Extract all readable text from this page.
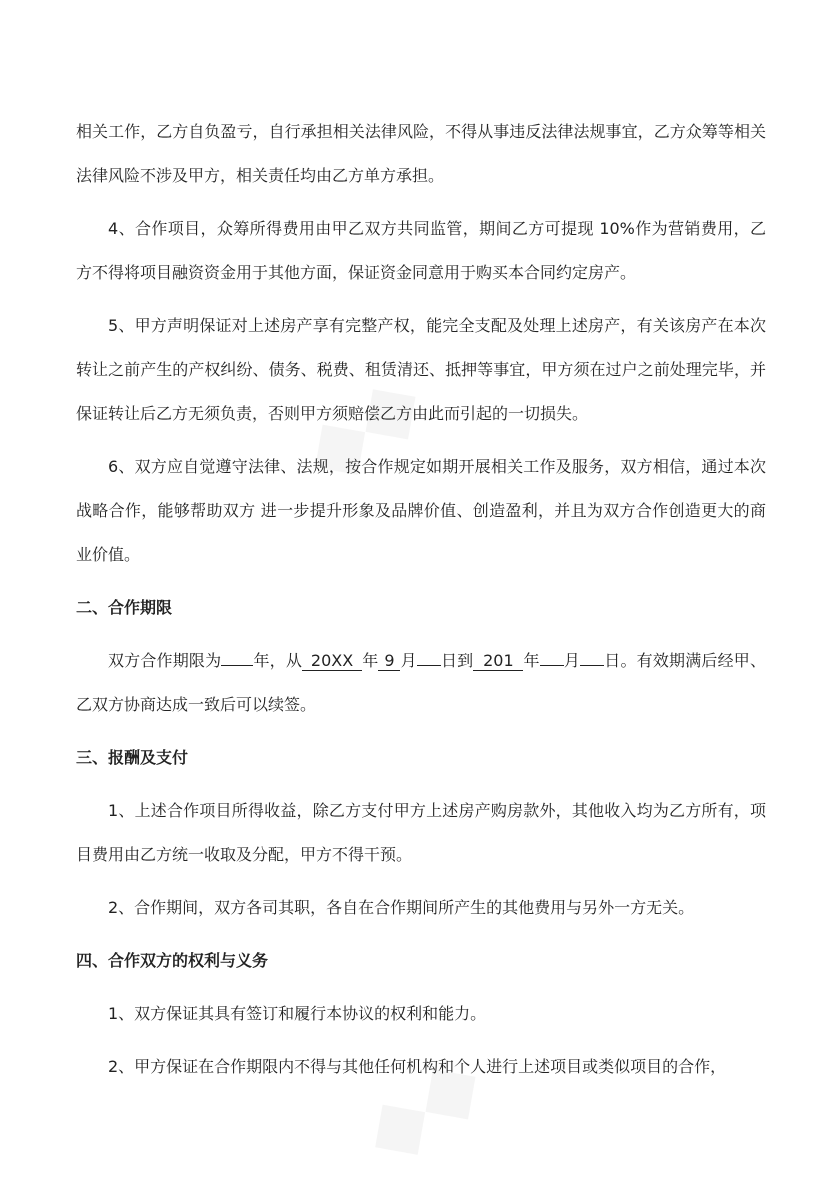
相关工作，乙方自负盈亏，自行承担相关法律风险，不得从事违反法律法规事宜，乙方众筹等相关法律风险不涉及甲方，相关责任均由乙方单方承担。

4、合作项目，众筹所得费用由甲乙双方共同监管，期间乙方可提现 10%作为营销费用，乙方不得将项目融资资金用于其他方面，保证资金同意用于购买本合同约定房产。

5、甲方声明保证对上述房产享有完整产权，能完全支配及处理上述房产，有关该房产在本次转让之前产生的产权纠纷、债务、税费、租赁清还、抵押等事宜，甲方须在过户之前处理完毕，并保证转让后乙方无须负责，否则甲方须赔偿乙方由此而引起的一切损失。

6、双方应自觉遵守法律、法规，按合作规定如期开展相关工作及服务，双方相信，通过本次战略合作，能够帮助双方 进一步提升形象及品牌价值、创造盈利，并且为双方合作创造更大的商业价值。

二、合作期限

双方合作期限为 年，从 20XX 年 9 月 日到 201 年 月 日。有效期满后经甲、乙双方协商达成一致后可以续签。

三、报酬及支付

1、上述合作项目所得收益，除乙方支付甲方上述房产购房款外，其他收入均为乙方所有，项目费用由乙方统一收取及分配，甲方不得干预。

2、合作期间，双方各司其职，各自在合作期间所产生的其他费用与另外一方无关。

四、合作双方的权利与义务

1、双方保证其具有签订和履行本协议的权利和能力。

2、甲方保证在合作期限内不得与其他任何机构和个人进行上述项目或类似项目的合作，
